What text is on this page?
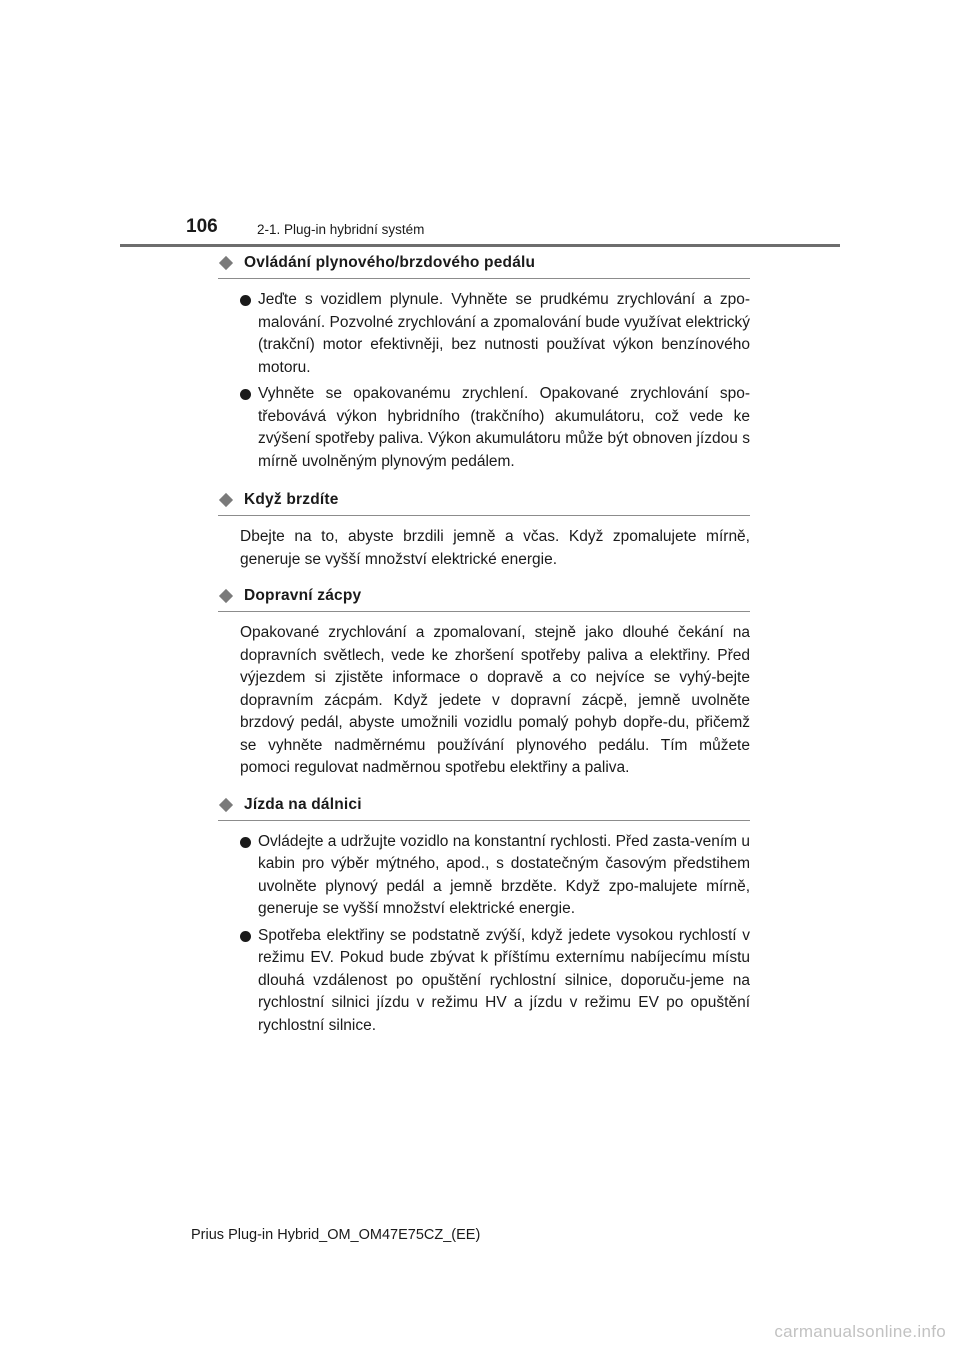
106	2-1. Plug-in hybridní systém
Ovládání plynového/brzdového pedálu
Jeďte s vozidlem plynule. Vyhněte se prudkému zrychlování a zpo-malování. Pozvolné zrychlování a zpomalování bude využívat elektrický (trakční) motor efektivněji, bez nutnosti používat výkon benzínového motoru.
Vyhněte se opakovanému zrychlení. Opakované zrychlování spo-třebovává výkon hybridního (trakčního) akumulátoru, což vede ke zvýšení spotřeby paliva. Výkon akumulátoru může být obnoven jízdou s mírně uvolněným plynovým pedálem.
Když brzdíte

Dbejte na to, abyste brzdili jemně a včas. Když zpomalujete mírně, generuje se vyšší množství elektrické energie.

Dopravní zácpy

Opakované zrychlování a zpomalovaní, stejně jako dlouhé čekání na dopravních světlech, vede ke zhoršení spotřeby paliva a elektřiny. Před výjezdem si zjistěte informace o dopravě a co nejvíce se vyhý-bejte dopravním zácpám. Když jedete v dopravní zácpě, jemně uvolněte brzdový pedál, abyste umožnili vozidlu pomalý pohyb dopře-du, přičemž se vyhněte nadměrnému používání plynového pedálu. Tím můžete pomoci regulovat nadměrnou spotřebu elektřiny a paliva.

Jízda na dálnici
Ovládejte a udržujte vozidlo na konstantní rychlosti. Před zasta-vením u kabin pro výběr mýtného, apod., s dostatečným časovým předstihem uvolněte plynový pedál a jemně brzděte. Když zpo-malujete mírně, generuje se vyšší množství elektrické energie.
Spotřeba elektřiny se podstatně zvýší, když jedete vysokou rychlostí v režimu EV. Pokud bude zbývat k příštímu externímu nabíjecímu místu dlouhá vzdálenost po opuštění rychlostní silnice, doporuču-jeme na rychlostní silnici jízdu v režimu HV a jízdu v režimu EV po opuštění rychlostní silnice.
Prius Plug-in Hybrid_OM_OM47E75CZ_(EE)
carmanualsonline.info
